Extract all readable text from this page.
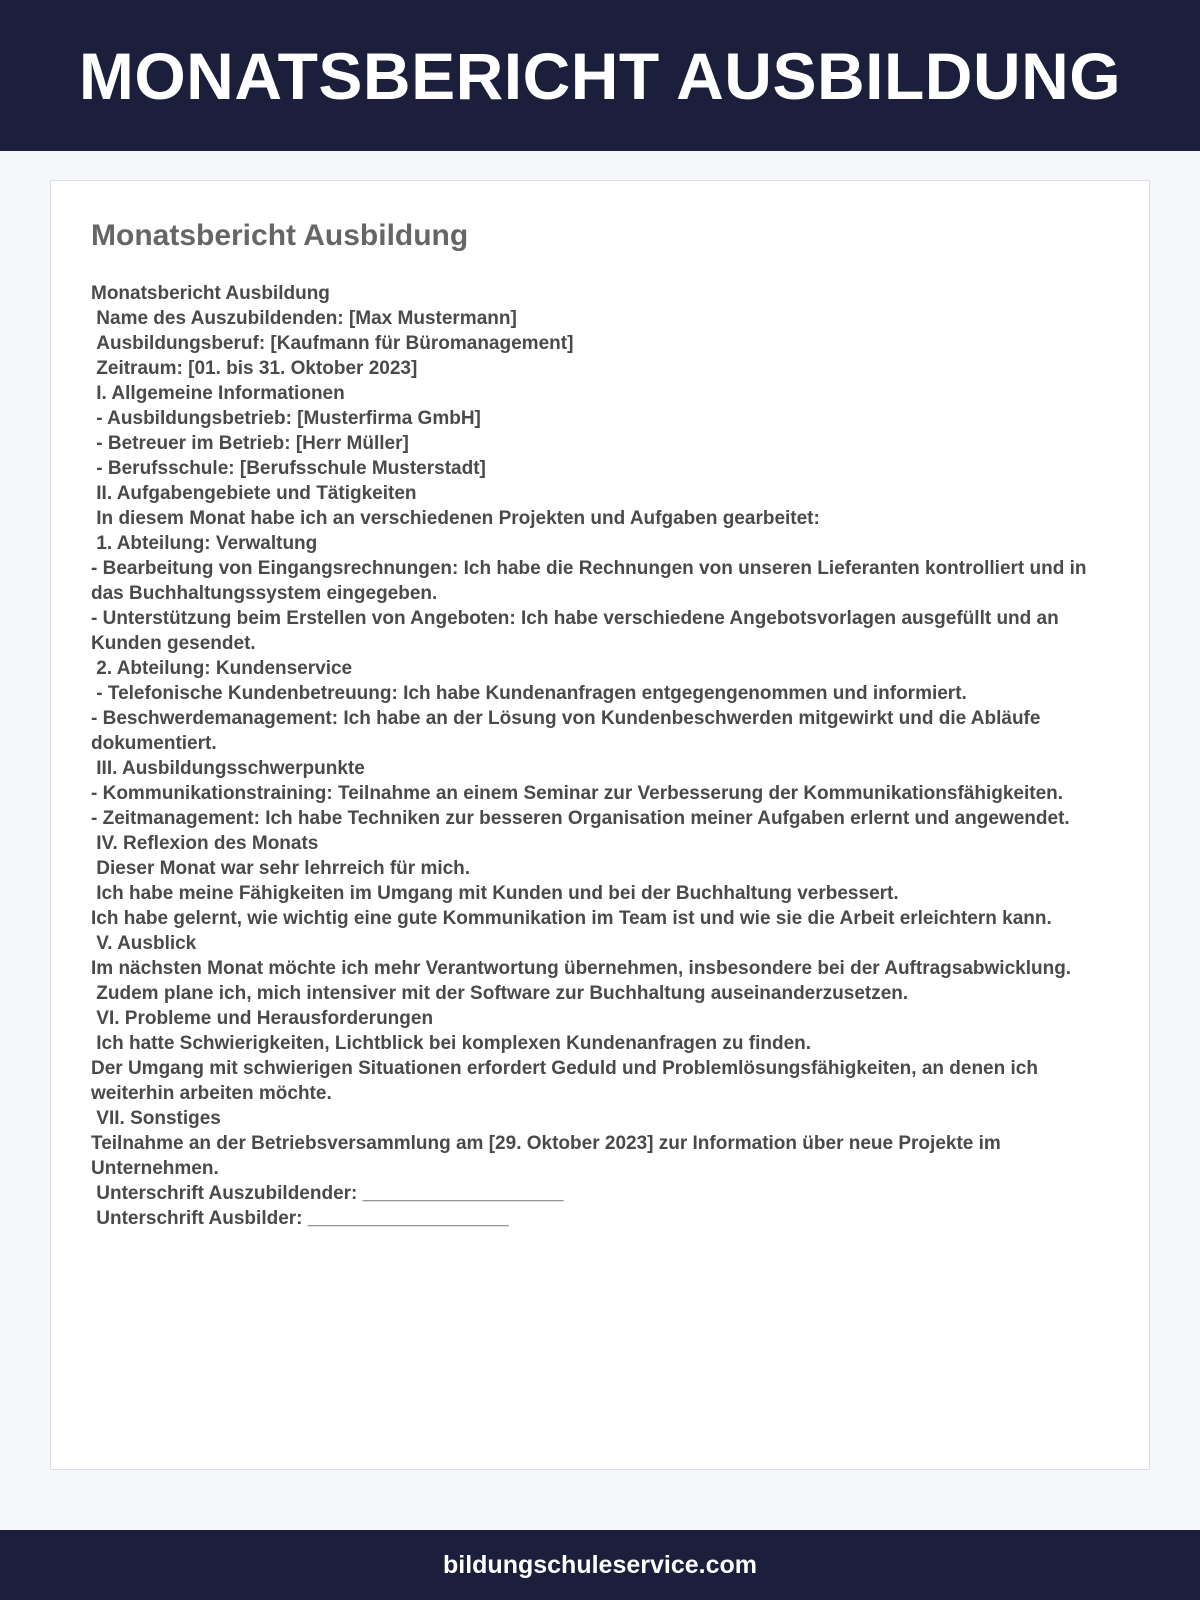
MONATSBERICHT AUSBILDUNG
Monatsbericht Ausbildung

Monatsbericht Ausbildung

Name des Auszubildenden: [Max Mustermann]

Ausbildungsberuf: [Kaufmann für Büromanagement]

Zeitraum: [01. bis 31. Oktober 2023]

I. Allgemeine Informationen

- Ausbildungsbetrieb: [Musterfirma GmbH]

- Betreuer im Betrieb: [Herr Müller]

- Berufsschule: [Berufsschule Musterstadt]

II. Aufgabengebiete und Tätigkeiten

In diesem Monat habe ich an verschiedenen Projekten und Aufgaben gearbeitet:

1. Abteilung: Verwaltung

- Bearbeitung von Eingangsrechnungen: Ich habe die Rechnungen von unseren Lieferanten kontrolliert und in das Buchhaltungssystem eingegeben.

- Unterstützung beim Erstellen von Angeboten: Ich habe verschiedene Angebotsvorlagen ausgefüllt und an Kunden gesendet.

2. Abteilung: Kundenservice

- Telefonische Kundenbetreuung: Ich habe Kundenanfragen entgegengenommen und informiert.

- Beschwerdemanagement: Ich habe an der Lösung von Kundenbeschwerden mitgewirkt und die Abläufe dokumentiert.

III. Ausbildungsschwerpunkte

- Kommunikationstraining: Teilnahme an einem Seminar zur Verbesserung der Kommunikationsfähigkeiten.

- Zeitmanagement: Ich habe Techniken zur besseren Organisation meiner Aufgaben erlernt und angewendet.

IV. Reflexion des Monats

Dieser Monat war sehr lehrreich für mich.

Ich habe meine Fähigkeiten im Umgang mit Kunden und bei der Buchhaltung verbessert.

Ich habe gelernt, wie wichtig eine gute Kommunikation im Team ist und wie sie die Arbeit erleichtern kann.

V. Ausblick

Im nächsten Monat möchte ich mehr Verantwortung übernehmen, insbesondere bei der Auftragsabwicklung.

Zudem plane ich, mich intensiver mit der Software zur Buchhaltung auseinanderzusetzen.

VI. Probleme und Herausforderungen

Ich hatte Schwierigkeiten, Lichtblick bei komplexen Kundenanfragen zu finden.

Der Umgang mit schwierigen Situationen erfordert Geduld und Problemlösungsfähigkeiten, an denen ich weiterhin arbeiten möchte.

VII. Sonstiges

Teilnahme an der Betriebsversammlung am [29. Oktober 2023] zur Information über neue Projekte im Unternehmen.

Unterschrift Auszubildender: ___________________

Unterschrift Ausbilder: ___________________

bildungschuleservice.com
